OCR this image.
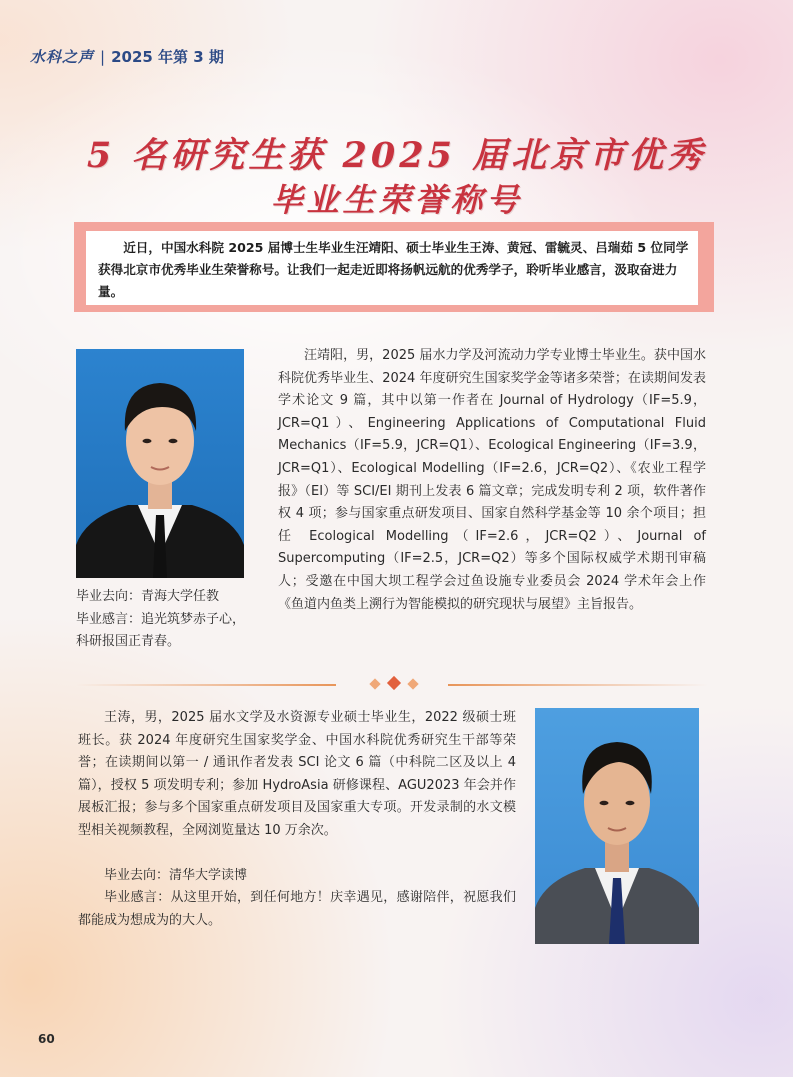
水科之声 | 2025 年第 3 期
5 名研究生获 2025 届北京市优秀
毕业生荣誉称号

近日，中国水科院 2025 届博士生毕业生汪靖阳、硕士毕业生王涛、黄冠、雷毓灵、吕瑞茹 5 位同学获得北京市优秀毕业生荣誉称号。让我们一起走近即将扬帆远航的优秀学子，聆听毕业感言，汲取奋进力量。

毕业去向：青海大学任教
毕业感言：追光筑梦赤子心，
科研报国正青春。

汪靖阳，男，2025 届水力学及河流动力学专业博士毕业生。获中国水科院优秀毕业生、2024 年度研究生国家奖学金等诸多荣誉；在读期间发表学术论文 9 篇，其中以第一作者在 Journal of Hydrology（IF=5.9，JCR=Q1）、Engineering Applications of Computational Fluid Mechanics（IF=5.9，JCR=Q1）、Ecological Engineering（IF=3.9，JCR=Q1）、Ecological Modelling（IF=2.6，JCR=Q2）、《农业工程学报》（EI）等 SCI/EI 期刊上发表 6 篇文章；完成发明专利 2 项，软件著作权 4 项；参与国家重点研发项目、国家自然科学基金等 10 余个项目；担任 Ecological Modelling（IF=2.6，JCR=Q2）、Journal of Supercomputing（IF=2.5，JCR=Q2）等多个国际权威学术期刊审稿人；受邀在中国大坝工程学会过鱼设施专业委员会 2024 学术年会上作《鱼道内鱼类上溯行为智能模拟的研究现状与展望》主旨报告。

王涛，男，2025 届水文学及水资源专业硕士毕业生，2022 级硕士班班长。获 2024 年度研究生国家奖学金、中国水科院优秀研究生干部等荣誉；在读期间以第一 / 通讯作者发表 SCI 论文 6 篇（中科院二区及以上 4 篇），授权 5 项发明专利；参加 HydroAsia 研修课程、AGU2023 年会并作展板汇报；参与多个国家重点研发项目及国家重大专项。开发录制的水文模型相关视频教程，全网浏览量达 10 万余次。

毕业去向：清华大学读博

毕业感言：从这里开始，到任何地方！庆幸遇见，感谢陪伴，祝愿我们都能成为想成为的大人。

60
